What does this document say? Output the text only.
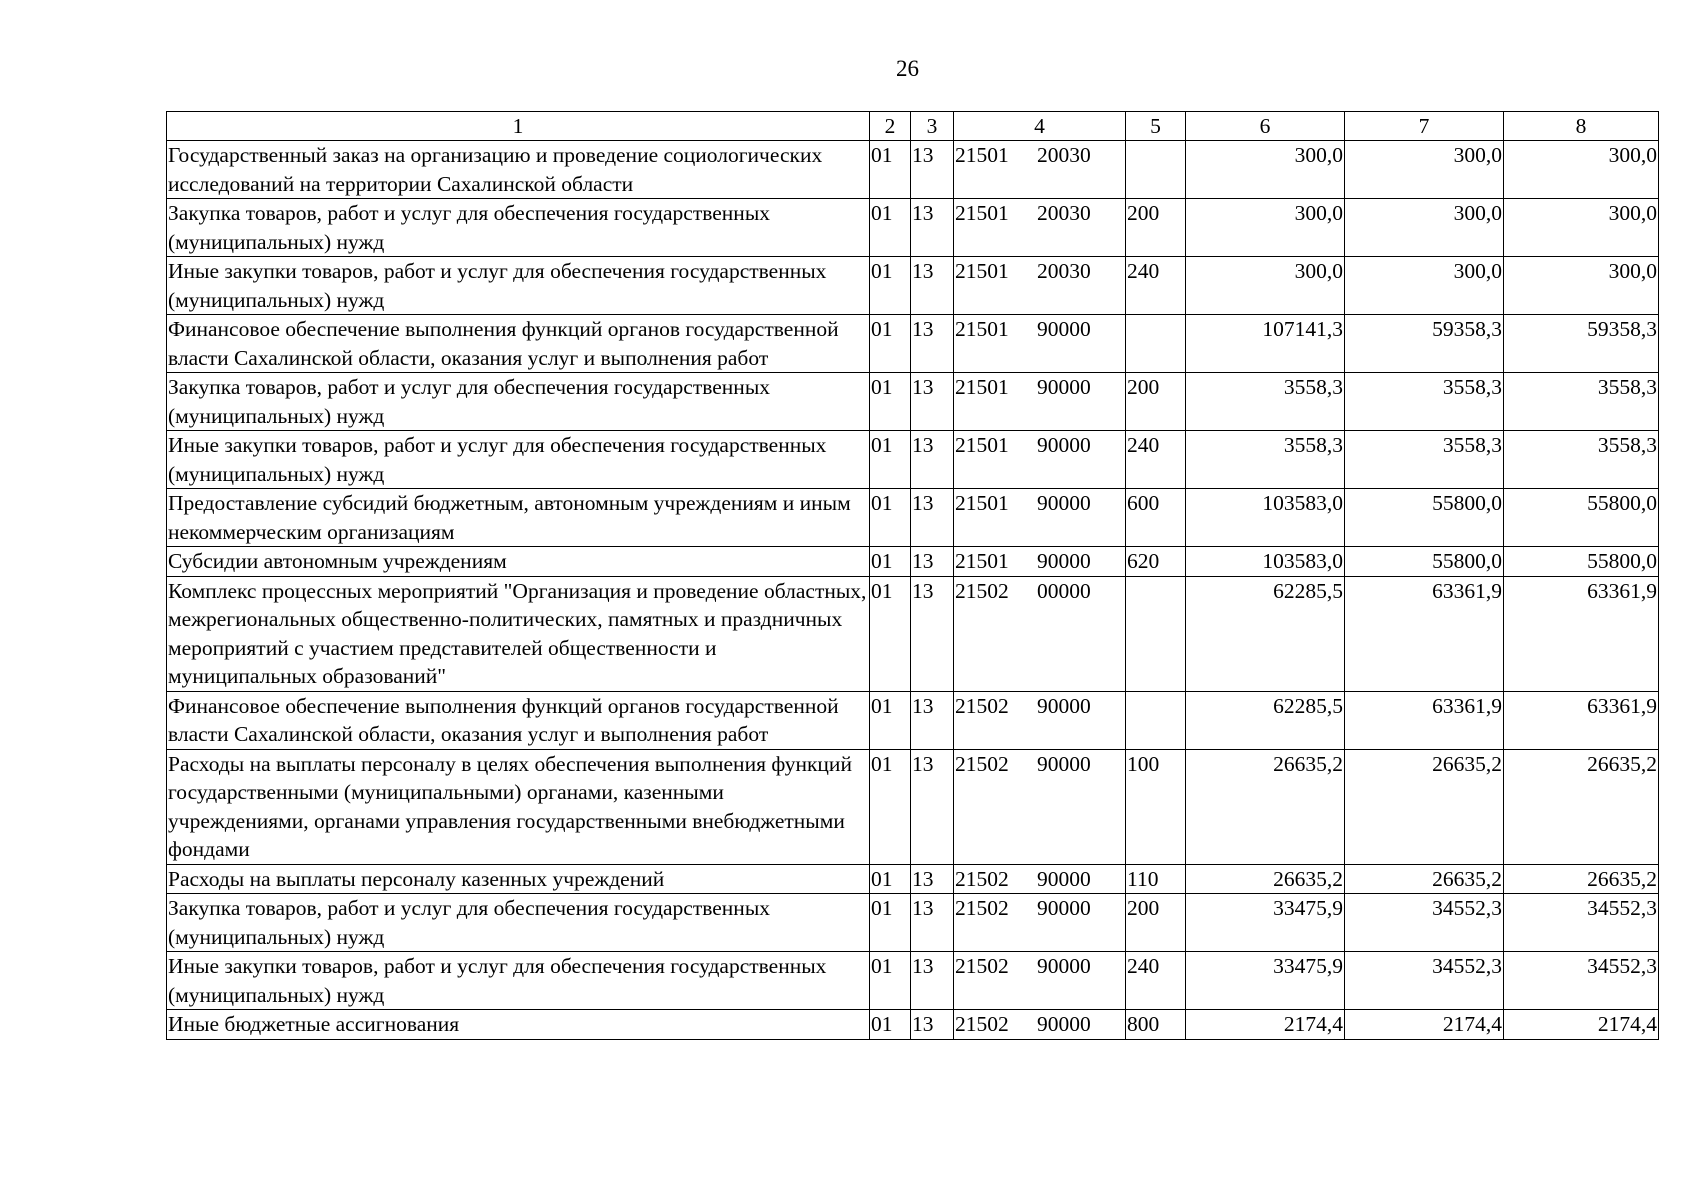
26
1	2	3	4	5	6	7	8
Государственный заказ на организацию и проведение социологических исследований на территории Сахалинской области	01	13	21501 20030		300,0	300,0	300,0
Закупка товаров, работ и услуг для обеспечения государственных (муниципальных) нужд	01	13	21501 20030	200	300,0	300,0	300,0
Иные закупки товаров, работ и услуг для обеспечения государственных (муниципальных) нужд	01	13	21501 20030	240	300,0	300,0	300,0
Финансовое обеспечение выполнения функций органов государственной власти Сахалинской области, оказания услуг и выполнения работ	01	13	21501 90000		107141,3	59358,3	59358,3
Закупка товаров, работ и услуг для обеспечения государственных (муниципальных) нужд	01	13	21501 90000	200	3558,3	3558,3	3558,3
Иные закупки товаров, работ и услуг для обеспечения государственных (муниципальных) нужд	01	13	21501 90000	240	3558,3	3558,3	3558,3
Предоставление субсидий бюджетным, автономным учреждениям и иным некоммерческим организациям	01	13	21501 90000	600	103583,0	55800,0	55800,0
Субсидии автономным учреждениям	01	13	21501 90000	620	103583,0	55800,0	55800,0
Комплекс процессных мероприятий "Организация и проведение областных, межрегиональных общественно-политических, памятных и праздничных мероприятий с участием представителей общественности и муниципальных образований"	01	13	21502 00000		62285,5	63361,9	63361,9
Финансовое обеспечение выполнения функций органов государственной власти Сахалинской области, оказания услуг и выполнения работ	01	13	21502 90000		62285,5	63361,9	63361,9
Расходы на выплаты персоналу в целях обеспечения выполнения функций государственными (муниципальными) органами, казенными учреждениями, органами управления государственными внебюджетными фондами	01	13	21502 90000	100	26635,2	26635,2	26635,2
Расходы на выплаты персоналу казенных учреждений	01	13	21502 90000	110	26635,2	26635,2	26635,2
Закупка товаров, работ и услуг для обеспечения государственных (муниципальных) нужд	01	13	21502 90000	200	33475,9	34552,3	34552,3
Иные закупки товаров, работ и услуг для обеспечения государственных (муниципальных) нужд	01	13	21502 90000	240	33475,9	34552,3	34552,3
Иные бюджетные ассигнования	01	13	21502 90000	800	2174,4	2174,4	2174,4
